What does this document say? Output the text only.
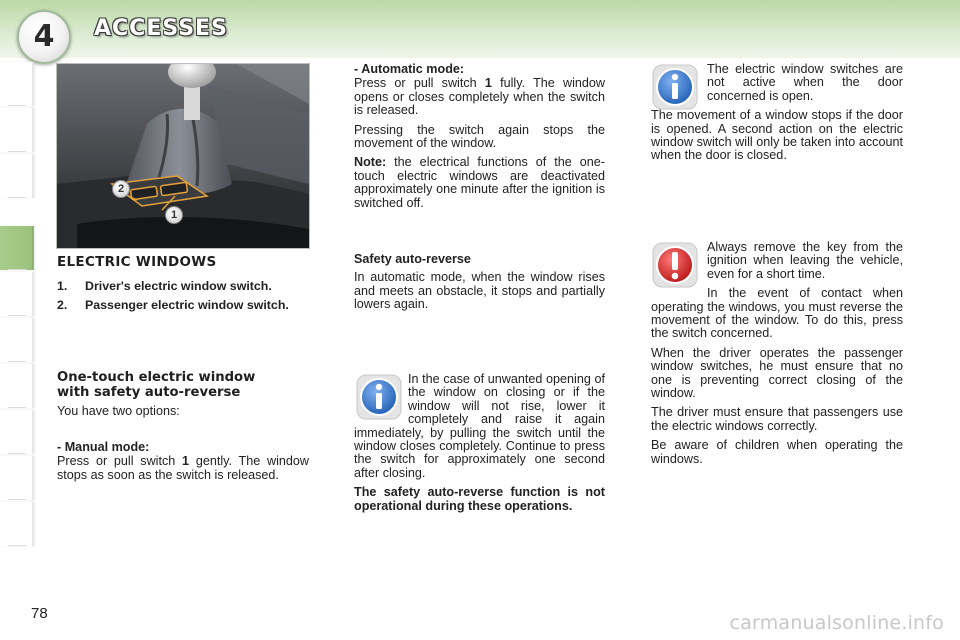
4	ACCESSES
2
1
ELECTRIC WINDOWS
1.	Driver's electric window switch.
2.	Passenger electric window switch.
One-touch electric window
with safety auto-reverse
You have two options:

- Manual mode:

Press or pull switch 1 gently. The window stops as soon as the switch is released.

- Automatic mode:

Press or pull switch 1 fully. The window opens or closes completely when the switch is released.

Pressing the switch again stops the movement of the window.

Note: the electrical functions of the one-touch electric windows are deactivated approximately one minute after the ignition is switched off.

Safety auto-reverse

In automatic mode, when the window rises and meets an obstacle, it stops and partially lowers again.

In the case of unwanted opening of the window on closing or if the window will not rise, lower it completely and raise it again immediately, by pulling the switch until the window closes completely. Continue to press the switch for approximately one second after closing.

The safety auto-reverse function is not operational during these operations.

The electric window switches are not active when the door concerned is open.

The movement of a window stops if the door is opened. A second action on the electric window switch will only be taken into account when the door is closed.

Always remove the key from the ignition when leaving the vehicle, even for a short time.

In the event of contact when operating the windows, you must reverse the movement of the window. To do this, press the switch concerned.

When the driver operates the passenger window switches, he must ensure that no one is preventing correct closing of the window.

The driver must ensure that passengers use the electric windows correctly.

Be aware of children when operating the windows.

78	carmanualsonline.info
